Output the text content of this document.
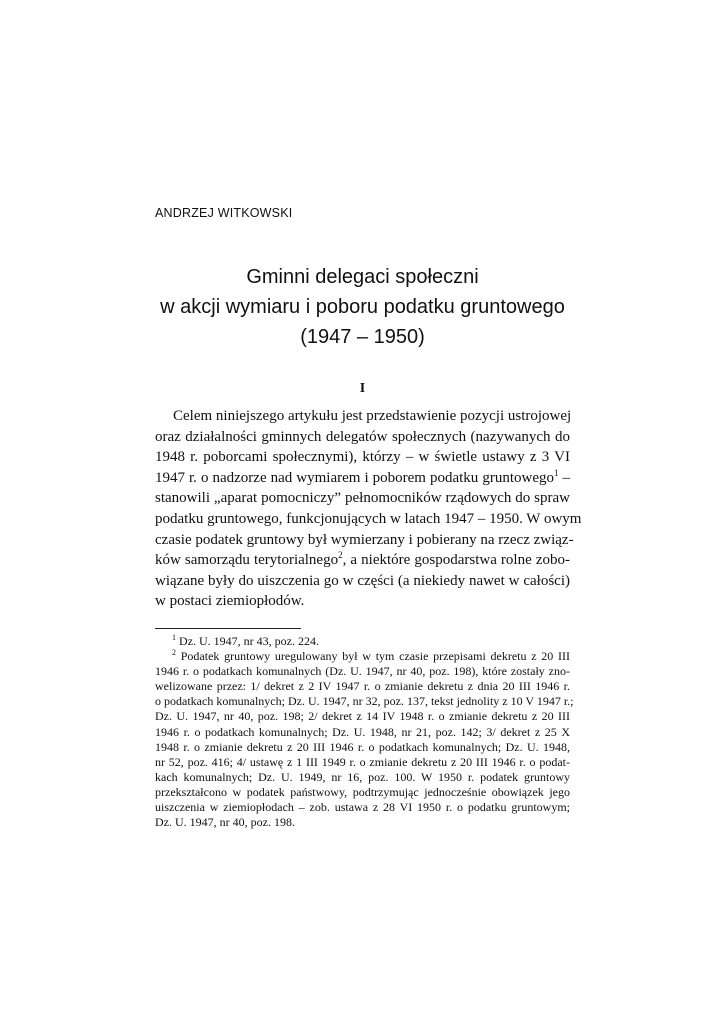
ANDRZEJ WITKOWSKI
Gminni delegaci społeczni
w akcji wymiaru i poboru podatku gruntowego
(1947 – 1950)
I
Celem niniejszego artykułu jest przedstawienie pozycji ustrojowej
oraz działalności gminnych delegatów społecznych (nazywanych do
1948 r. poborcami społecznymi), którzy – w świetle ustawy z 3 VI
1947 r. o nadzorze nad wymiarem i poborem podatku gruntowego$^1$ –
stanowili „aparat pomocniczy” pełnomocników rządowych do spraw
podatku gruntowego, funkcjonujących w latach 1947 – 1950. W owym
czasie podatek gruntowy był wymierzany i pobierany na rzecz związ-
ków samorządu terytorialnego$^2$, a niektóre gospodarstwa rolne zobo-
wiązane były do uiszczenia go w części (a niekiedy nawet w całości)
w postaci ziemiopłodów.
$^1$ Dz. U. 1947, nr 43, poz. 224.
$^2$ Podatek gruntowy uregulowany był w tym czasie przepisami dekretu z 20 III
1946 r. o podatkach komunalnych (Dz. U. 1947, nr 40, poz. 198), które zostały zno-
welizowane przez: 1/ dekret z 2 IV 1947 r. o zmianie dekretu z dnia 20 III 1946 r.
o podatkach komunalnych; Dz. U. 1947, nr 32, poz. 137, tekst jednolity z 10 V 1947 r.;
Dz. U. 1947, nr 40, poz. 198; 2/ dekret z 14 IV 1948 r. o zmianie dekretu z 20 III
1946 r. o podatkach komunalnych; Dz. U. 1948, nr 21, poz. 142; 3/ dekret z 25 X
1948 r. o zmianie dekretu z 20 III 1946 r. o podatkach komunalnych; Dz. U. 1948,
nr 52, poz. 416; 4/ ustawę z 1 III 1949 r. o zmianie dekretu z 20 III 1946 r. o podat-
kach komunalnych; Dz. U. 1949, nr 16, poz. 100. W 1950 r. podatek gruntowy
przekształcono w podatek państwowy, podtrzymując jednocześnie obowiązek jego
uiszczenia w ziemiopłodach – zob. ustawa z 28 VI 1950 r. o podatku gruntowym;
Dz. U. 1947, nr 40, poz. 198.
